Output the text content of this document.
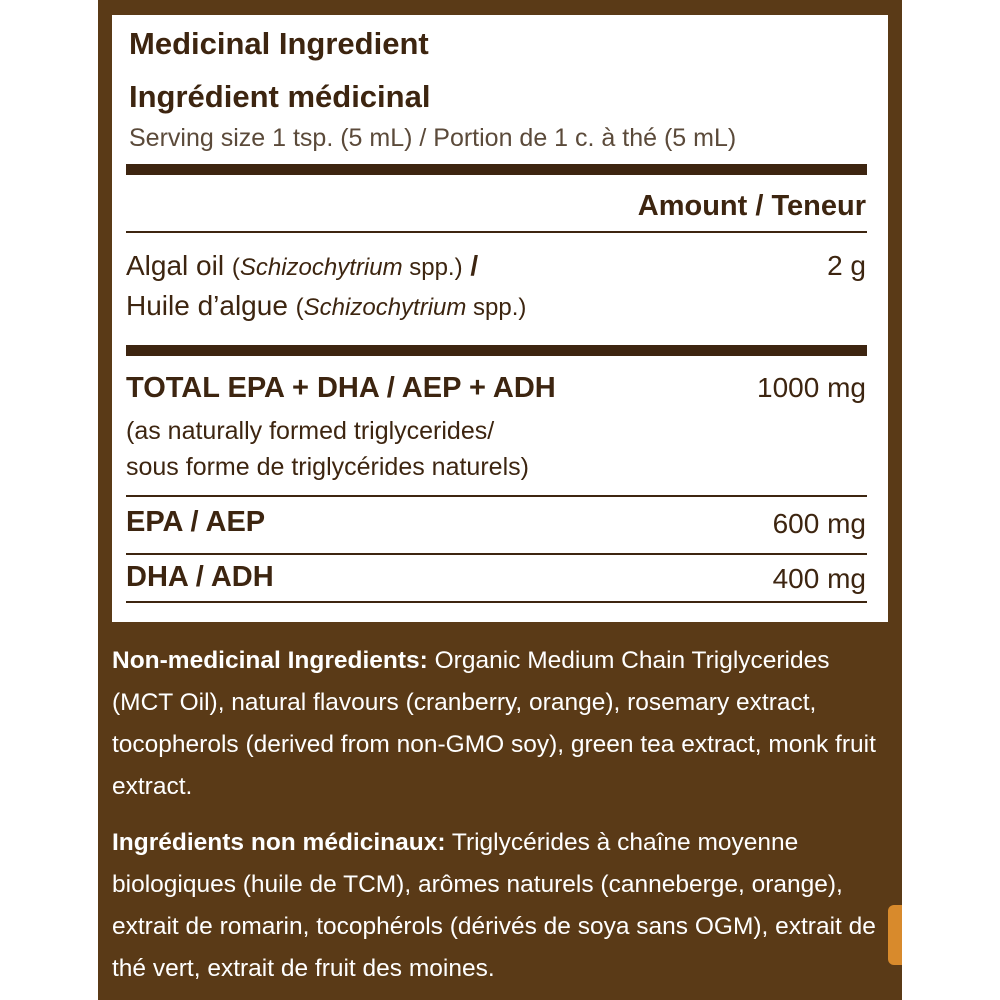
Medicinal Ingredient
Ingrédient médicinal
Serving size 1 tsp. (5 mL) / Portion de 1 c. à thé (5 mL)
Amount / Teneur
Algal oil (Schizochytrium spp.) /	2 g
Huile d’algue (Schizochytrium spp.)
TOTAL EPA + DHA / AEP + ADH	1000 mg
(as naturally formed triglycerides/
sous forme de triglycérides naturels)
EPA / AEP	600 mg
DHA / ADH	400 mg
Non-medicinal Ingredients: Organic Medium Chain Triglycerides (MCT Oil), natural flavours (cranberry, orange), rosemary extract, tocopherols (derived from non-GMO soy), green tea extract, monk fruit extract.
Ingrédients non médicinaux: Triglycérides à chaîne moyenne biologiques (huile de TCM), arômes naturels (canneberge, orange), extrait de romarin, tocophérols (dérivés de soya sans OGM), extrait de thé vert, extrait de fruit des moines.
